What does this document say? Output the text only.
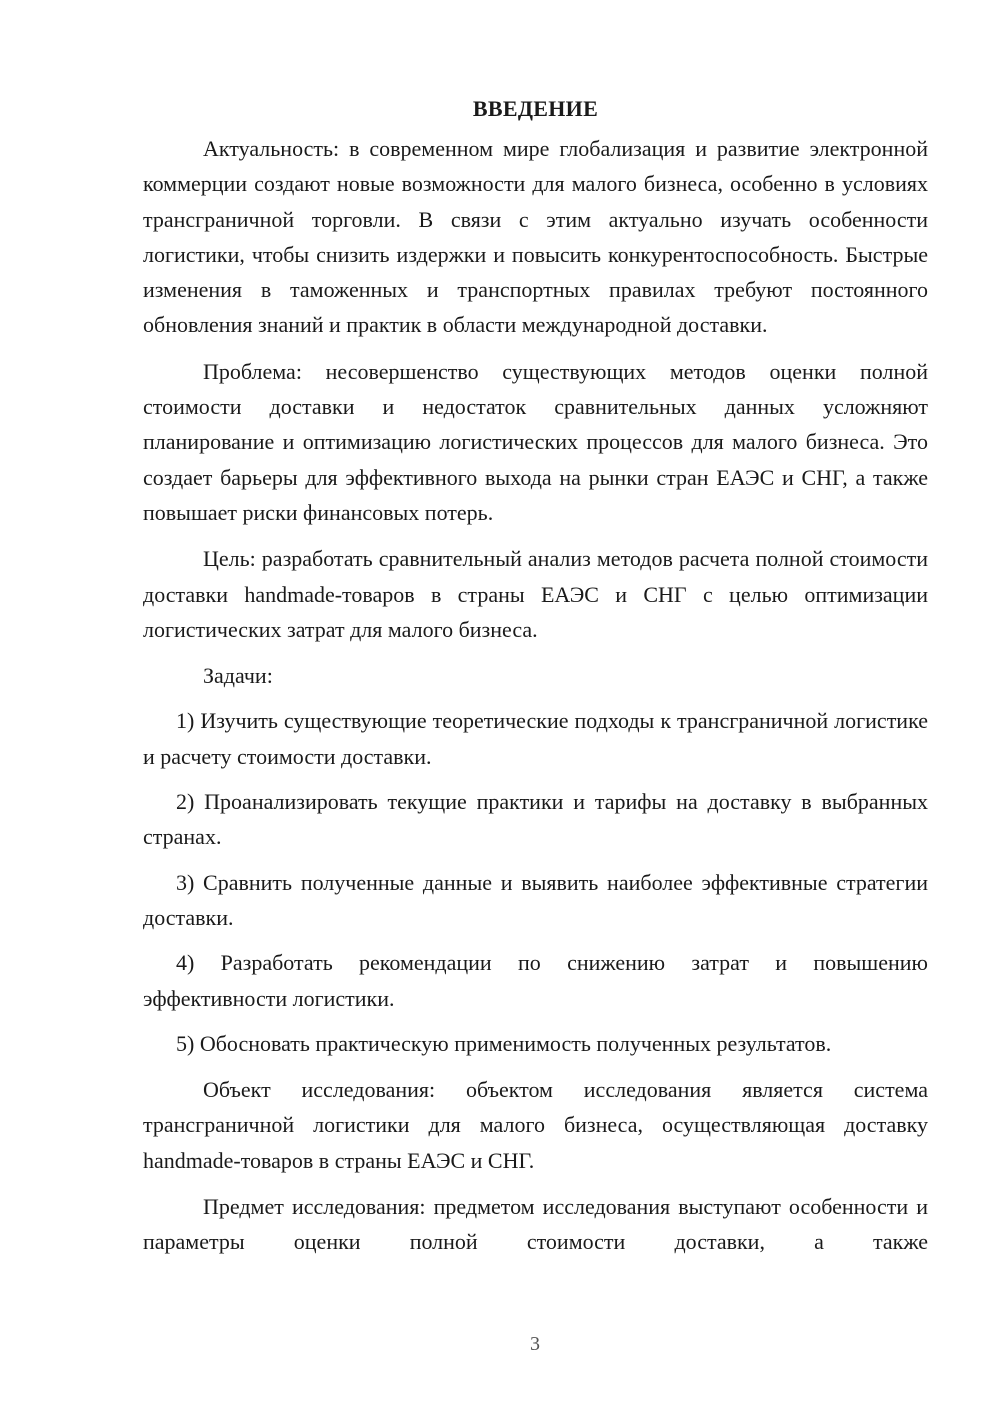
ВВЕДЕНИЕ

Актуальность: в современном мире глобализация и развитие электронной коммерции создают новые возможности для малого бизнеса, особенно в условиях трансграничной торговли. В связи с этим актуально изучать особенности логистики, чтобы снизить издержки и повысить конкурентоспособность. Быстрые изменения в таможенных и транспортных правилах требуют постоянного обновления знаний и практик в области международной доставки.

Проблема: несовершенство существующих методов оценки полной стоимости доставки и недостаток сравнительных данных усложняют планирование и оптимизацию логистических процессов для малого бизнеса. Это создает барьеры для эффективного выхода на рынки стран ЕАЭС и СНГ, а также повышает риски финансовых потерь.

Цель: разработать сравнительный анализ методов расчета полной стоимости доставки handmade-товаров в страны ЕАЭС и СНГ с целью оптимизации логистических затрат для малого бизнеса.

Задачи:

1) Изучить существующие теоретические подходы к трансграничной логистике и расчету стоимости доставки.

2) Проанализировать текущие практики и тарифы на доставку в выбранных странах.

3) Сравнить полученные данные и выявить наиболее эффективные стратегии доставки.

4) Разработать рекомендации по снижению затрат и повышению эффективности логистики.

5) Обосновать практическую применимость полученных результатов.

Объект исследования: объектом исследования является система трансграничной логистики для малого бизнеса, осуществляющая доставку handmade-товаров в страны ЕАЭС и СНГ.

Предмет исследования: предметом исследования выступают особенности и параметры оценки полной стоимости доставки, а также

3
